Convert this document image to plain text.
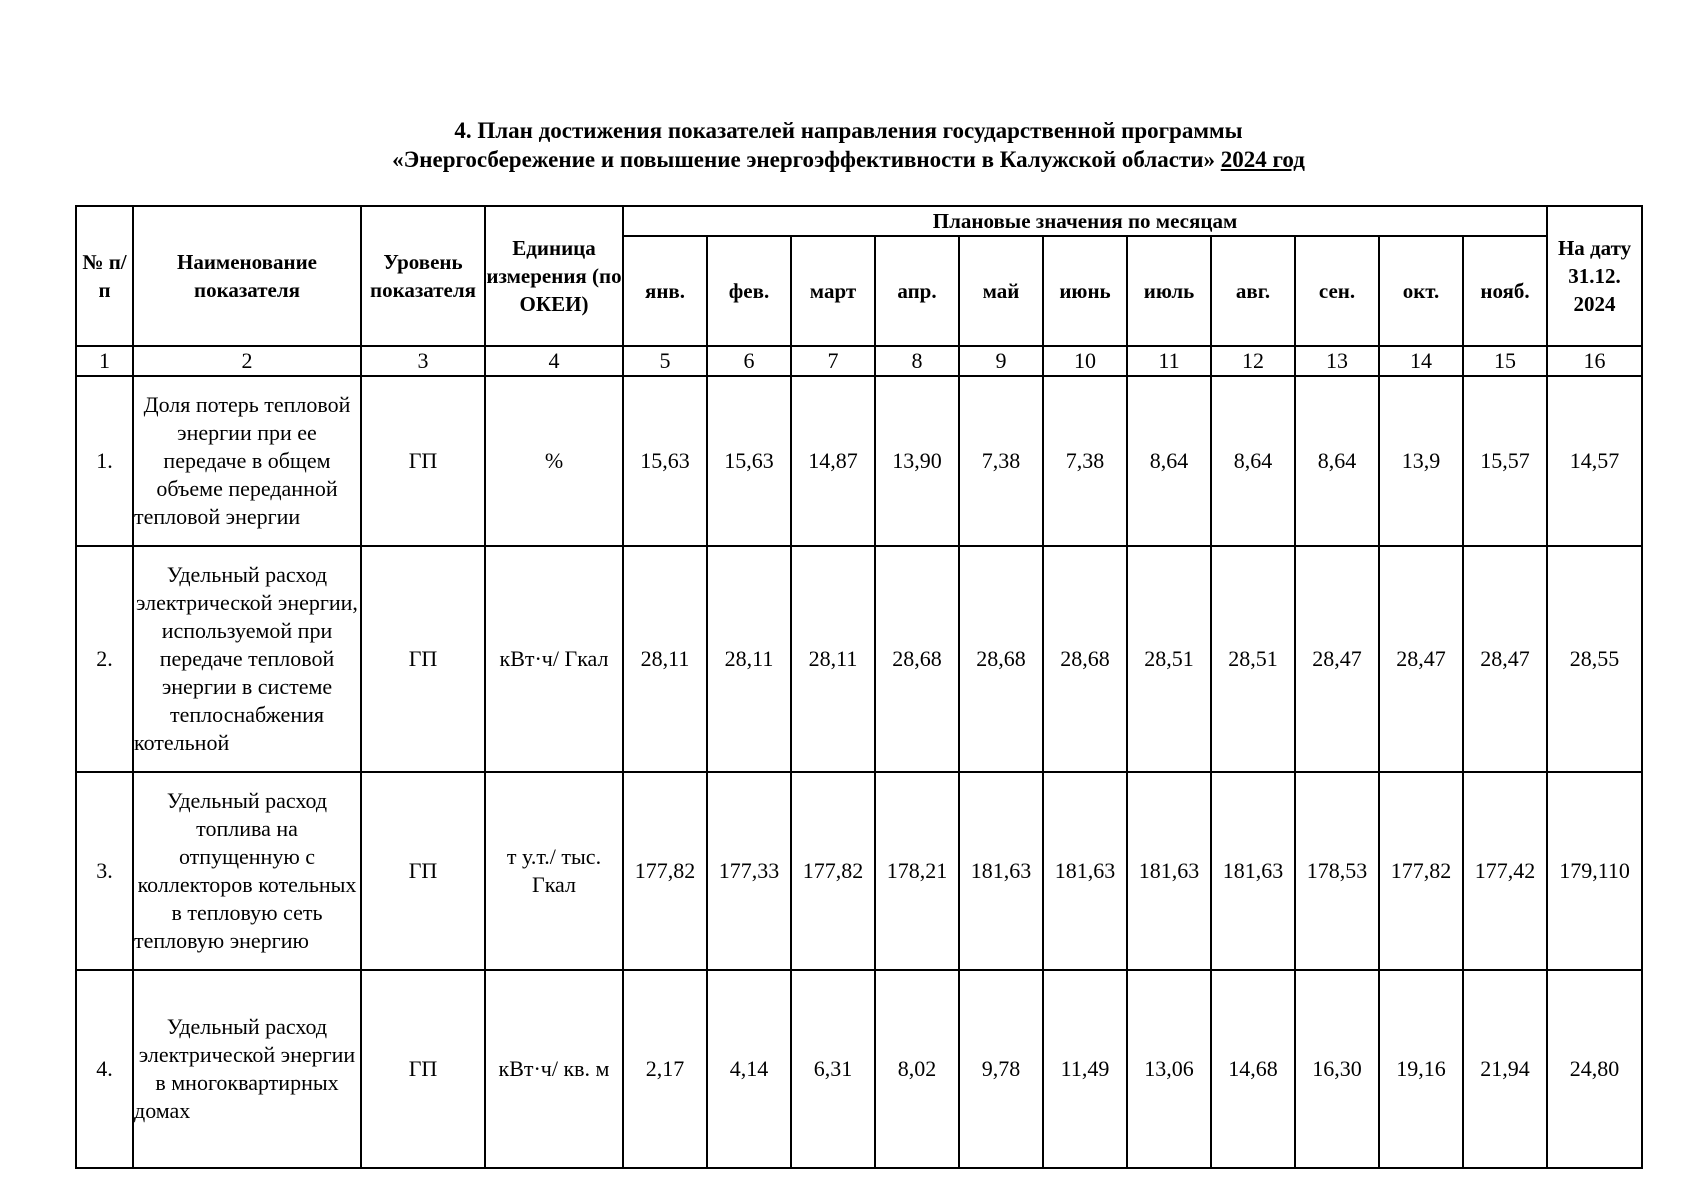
4. План достижения показателей направления государственной программы
«Энергосбережение и повышение энергоэффективности в Калужской области» 2024 год
№ п/п	Наименование показателя	Уровень показателя	Единица измерения (по ОКЕИ)	Плановые значения по месяцам											На дату 31.12. 2024
				янв.	фев.	март	апр.	май	июнь	июль	авг.	сен.	окт.	нояб.	
1	2	3	4	5	6	7	8	9	10	11	12	13	14	15	16
1.	Доля потерь тепловой энергии при ее передаче в общем объеме переданной тепловой энергии	ГП	%	15,63	15,63	14,87	13,90	7,38	7,38	8,64	8,64	8,64	13,9	15,57	14,57
2.	Удельный расход электрической энергии, используемой при передаче тепловой энергии в системе теплоснабжения котельной	ГП	кВт·ч/ Гкал	28,11	28,11	28,11	28,68	28,68	28,68	28,51	28,51	28,47	28,47	28,47	28,55
3.	Удельный расход топлива на отпущенную с коллекторов котельных в тепловую сеть тепловую энергию	ГП	т у.т./ тыс. Гкал	177,82	177,33	177,82	178,21	181,63	181,63	181,63	181,63	178,53	177,82	177,42	179,110
4.	Удельный расход электрической энергии в многоквартирных домах	ГП	кВт·ч/ кв. м	2,17	4,14	6,31	8,02	9,78	11,49	13,06	14,68	16,30	19,16	21,94	24,80
